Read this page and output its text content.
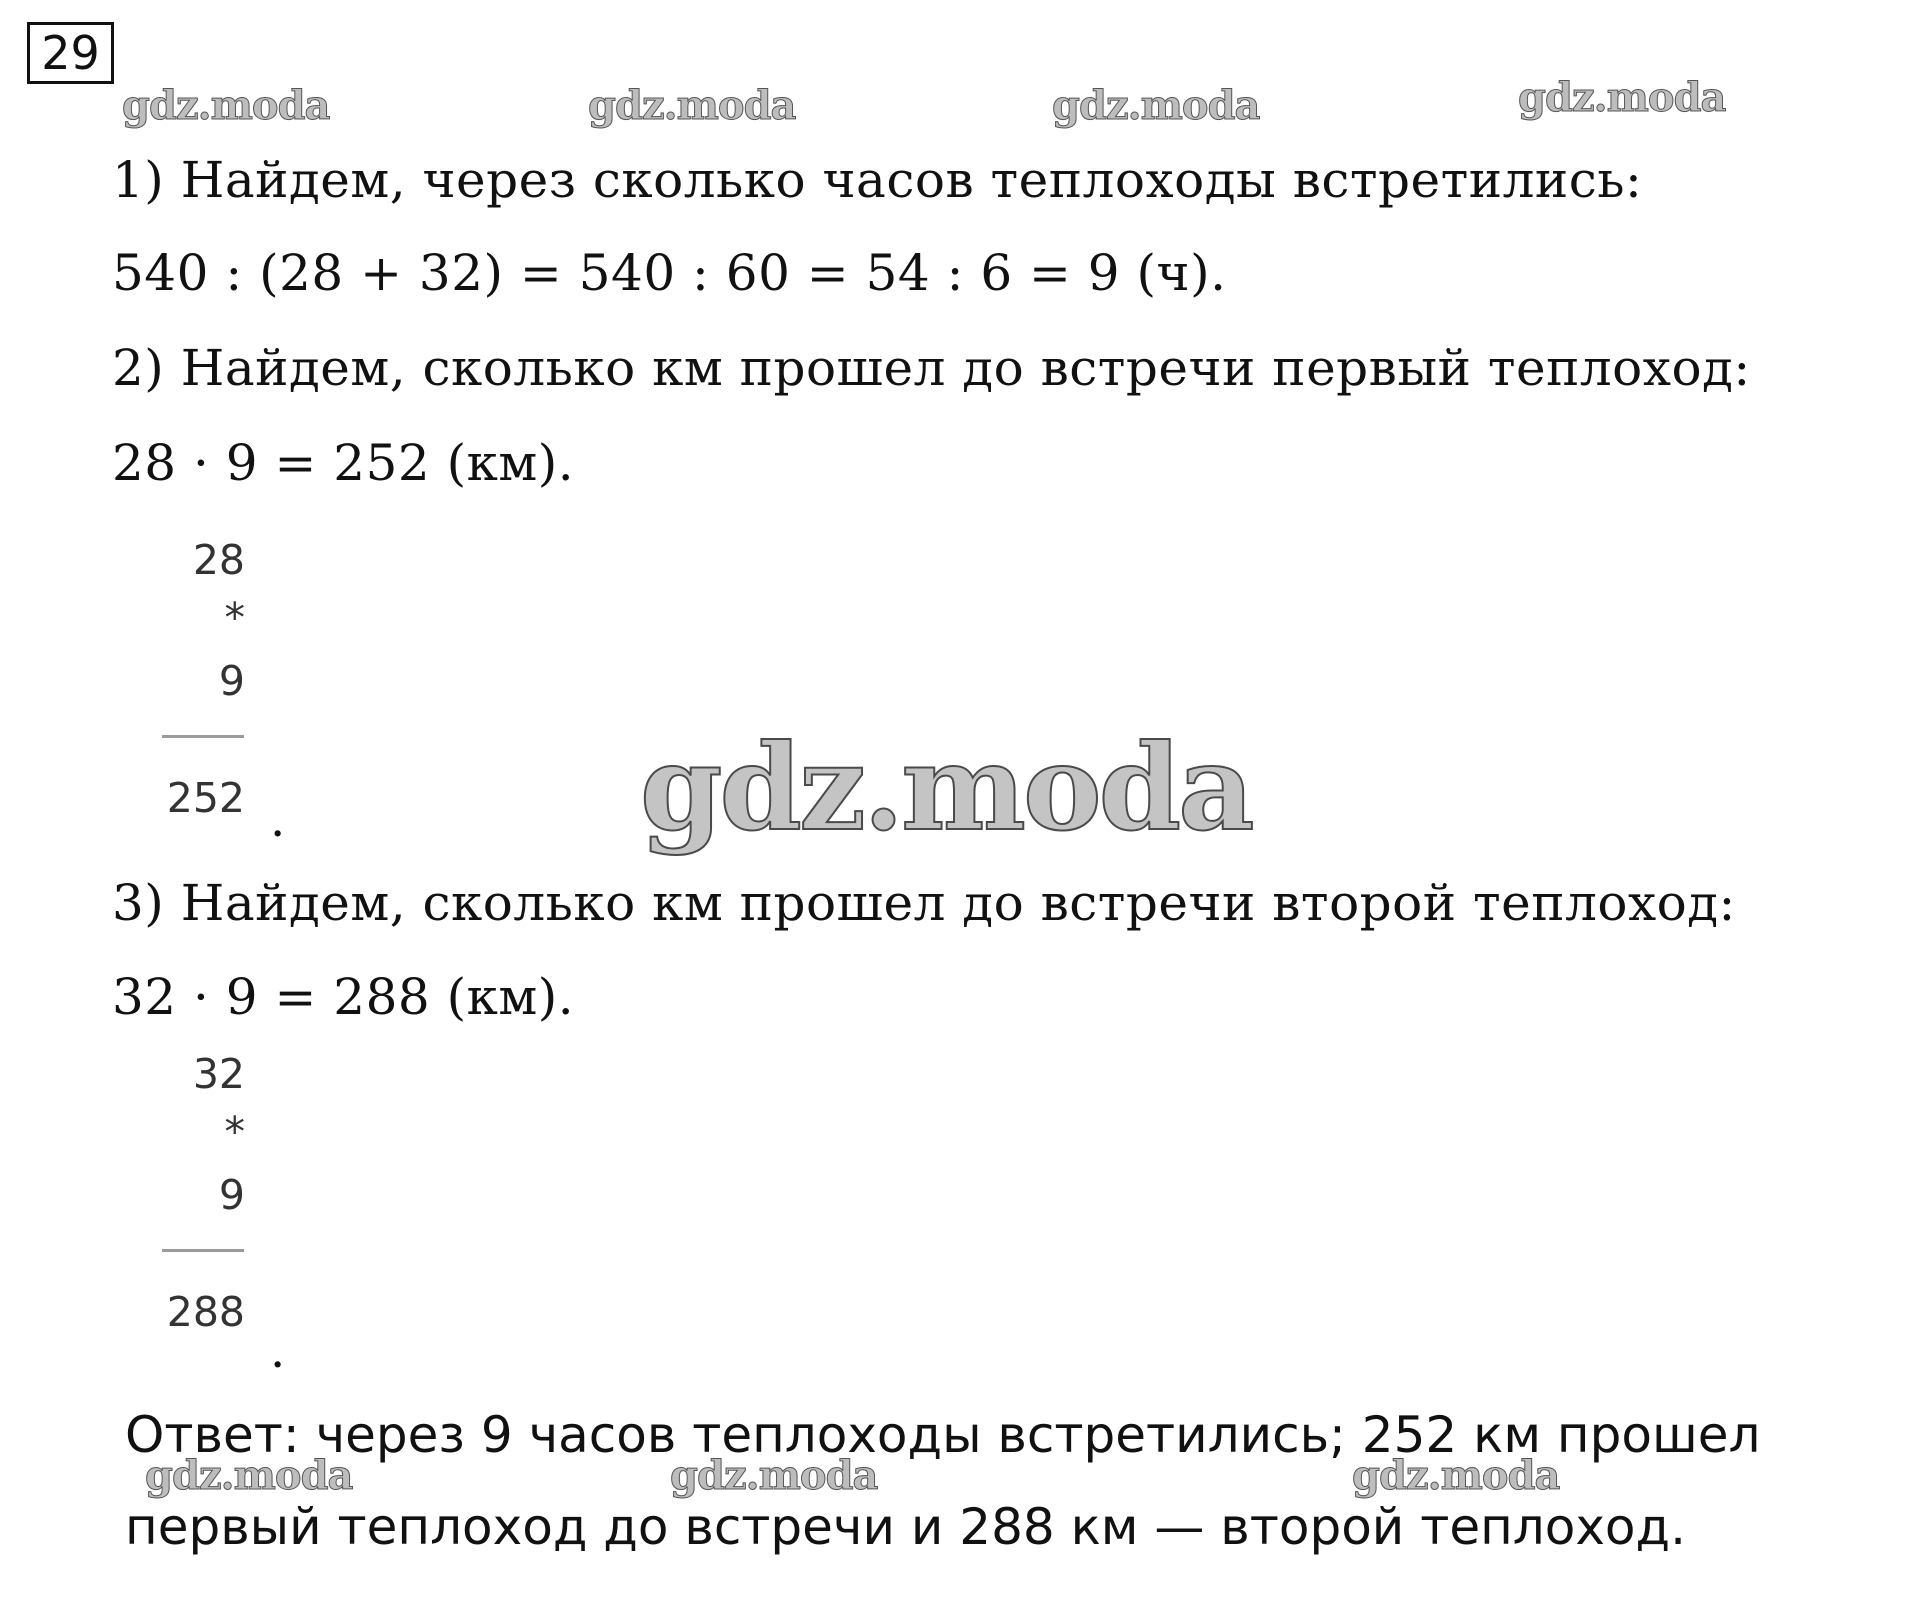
29
gdz.moda	gdz.moda	gdz.moda	gdz.moda
1) Найдем, через сколько часов теплоходы встретились:
540 : (28 + 32) = 540 : 60 = 54 : 6 = 9 (ч).
2) Найдем, сколько км прошел до встречи первый теплоход:
28 · 9 = 252 (км).
28
*
9
252 .	gdz.moda
3) Найдем, сколько км прошел до встречи второй теплоход:
32 · 9 = 288 (км).
32
*
9
288
.
Ответ: через 9 часов теплоходы встретились; 252 км прошел
gdz.moda	gdz.moda	gdz.moda
первый теплоход до встречи и 288 км — второй теплоход.
